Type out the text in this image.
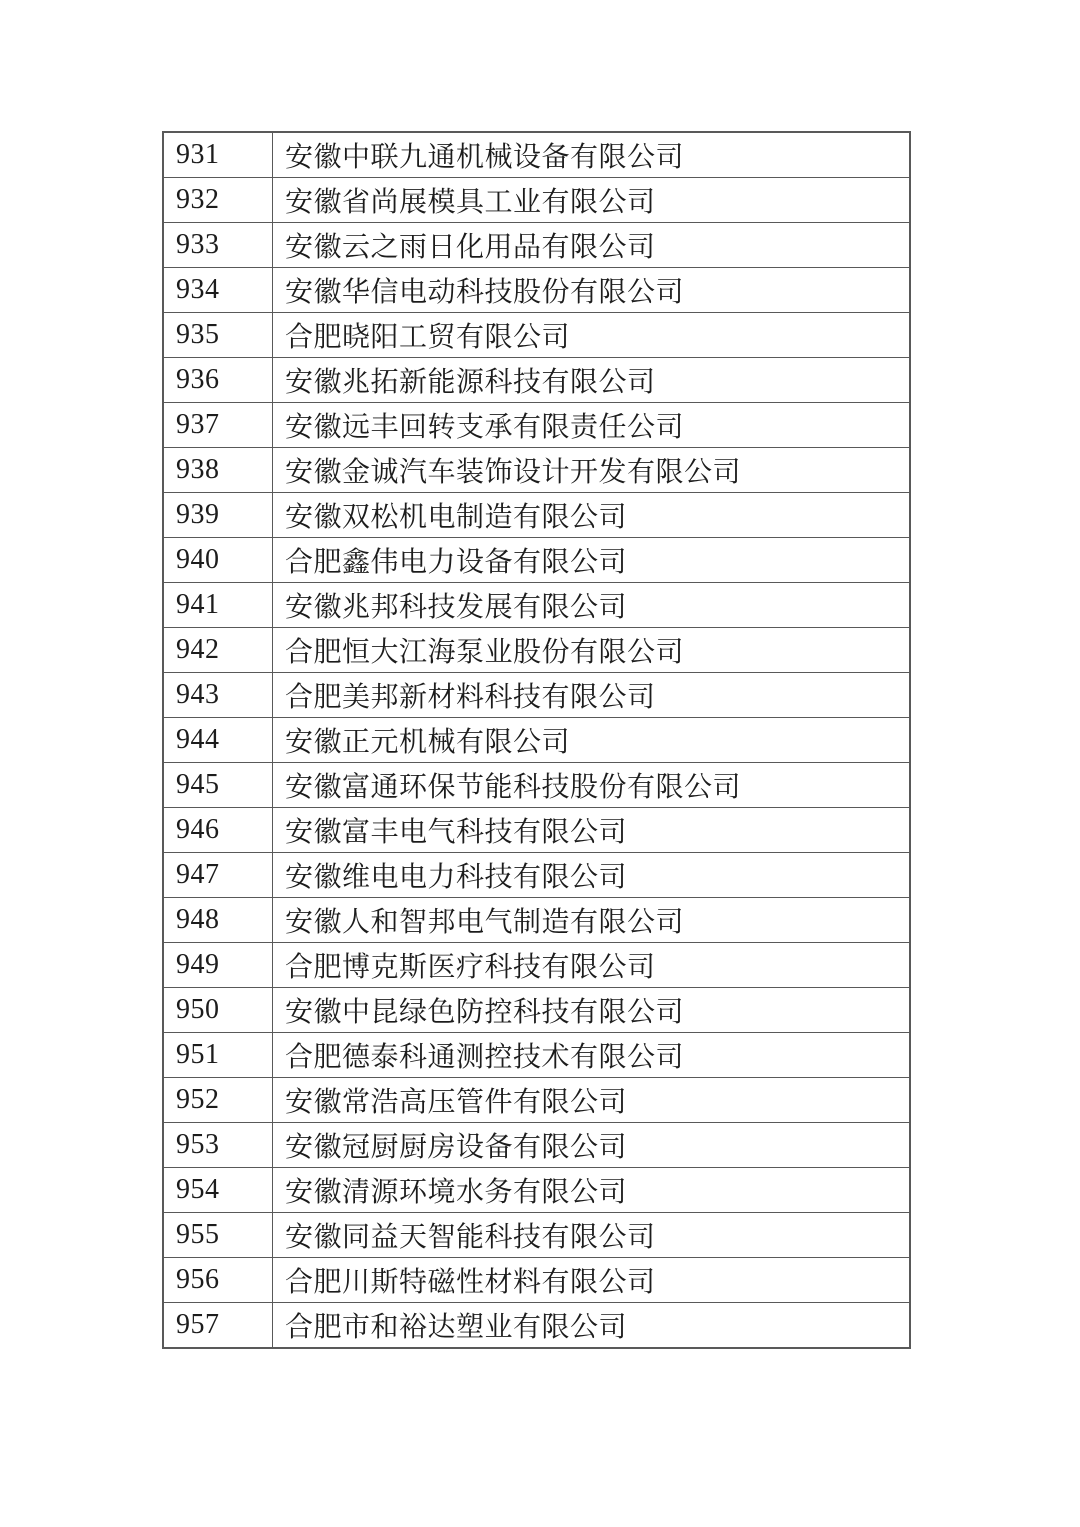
931	安徽中联九通机械设备有限公司
932	安徽省尚展模具工业有限公司
933	安徽云之雨日化用品有限公司
934	安徽华信电动科技股份有限公司
935	合肥晓阳工贸有限公司
936	安徽兆拓新能源科技有限公司
937	安徽远丰回转支承有限责任公司
938	安徽金诚汽车装饰设计开发有限公司
939	安徽双松机电制造有限公司
940	合肥鑫伟电力设备有限公司
941	安徽兆邦科技发展有限公司
942	合肥恒大江海泵业股份有限公司
943	合肥美邦新材料科技有限公司
944	安徽正元机械有限公司
945	安徽富通环保节能科技股份有限公司
946	安徽富丰电气科技有限公司
947	安徽维电电力科技有限公司
948	安徽人和智邦电气制造有限公司
949	合肥博克斯医疗科技有限公司
950	安徽中昆绿色防控科技有限公司
951	合肥德泰科通测控技术有限公司
952	安徽常浩高压管件有限公司
953	安徽冠厨厨房设备有限公司
954	安徽清源环境水务有限公司
955	安徽同益天智能科技有限公司
956	合肥川斯特磁性材料有限公司
957	合肥市和裕达塑业有限公司
